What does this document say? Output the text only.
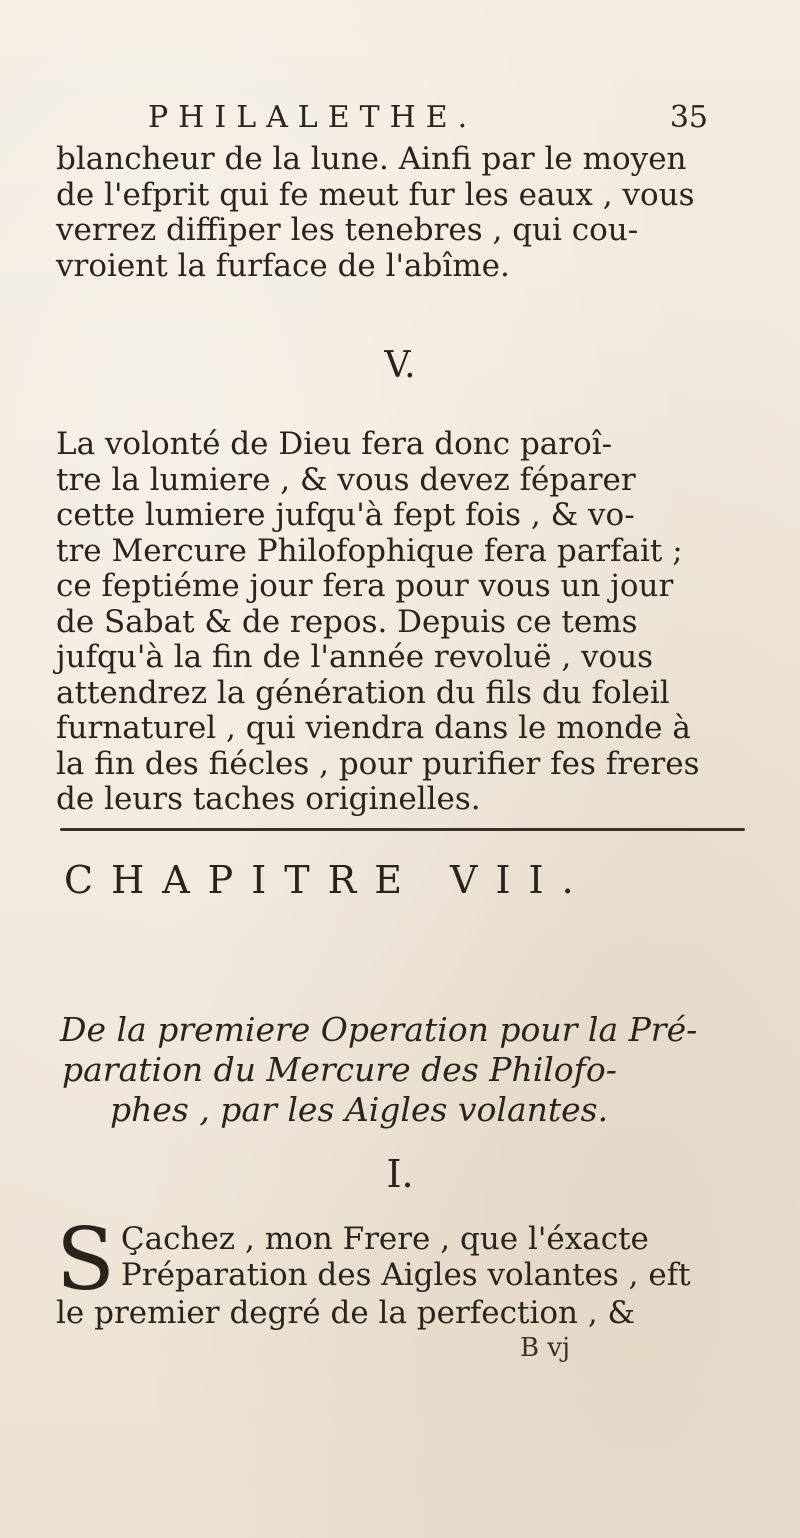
PHILALETHE.	35
blancheur de la lune. Ainfi par le moyen
de l'efprit qui fe meut fur les eaux , vous
verrez diffiper les tenebres , qui cou-
vroient la furface de l'abîme.
V.
La volonté de Dieu fera donc paroî-
tre la lumiere , & vous devez féparer
cette lumiere jufqu'à fept fois , & vo-
tre Mercure Philofophique fera parfait ;
ce feptiéme jour fera pour vous un jour
de Sabat & de repos. Depuis ce tems
jufqu'à la fin de l'année revoluë , vous
attendrez la génération du fils du foleil
furnaturel , qui viendra dans le monde à
la fin des fiécles , pour purifier fes freres
de leurs taches originelles.
CHAPITRE VII.
De la premiere Operation pour la Pré-
paration du Mercure des Philofo-
phes , par les Aigles volantes.
I.
S Çachez , mon Frere , que l'éxacte
Préparation des Aigles volantes , eft
le premier degré de la perfection , &
B vj
